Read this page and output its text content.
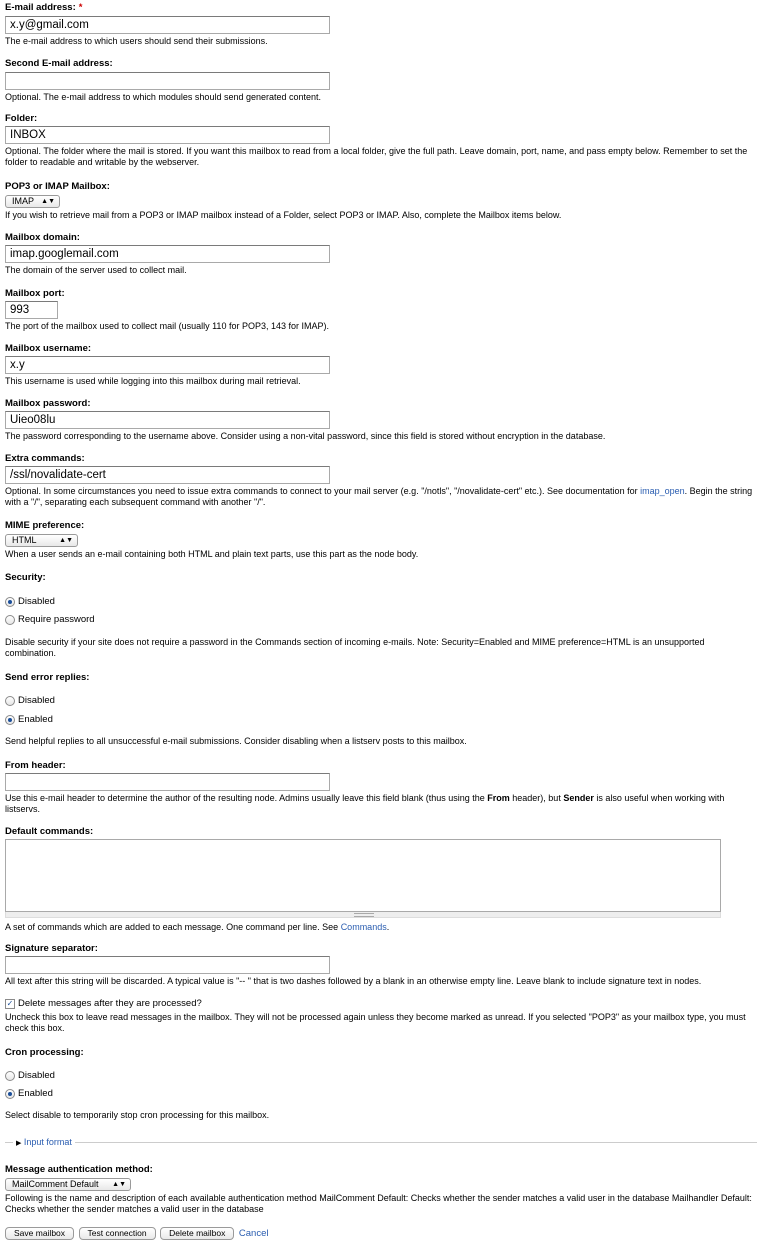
E-mail address: *
x.y@gmail.com
The e-mail address to which users should send their submissions.
Second E-mail address:
Optional. The e-mail address to which modules should send generated content.
Folder:
INBOX
Optional. The folder where the mail is stored. If you want this mailbox to read from a local folder, give the full path. Leave domain, port, name, and pass empty below. Remember to set the folder to readable and writable by the webserver.
POP3 or IMAP Mailbox:
IMAP ▲▼
If you wish to retrieve mail from a POP3 or IMAP mailbox instead of a Folder, select POP3 or IMAP. Also, complete the Mailbox items below.
Mailbox domain:
imap.googlemail.com
The domain of the server used to collect mail.
Mailbox port:
993
The port of the mailbox used to collect mail (usually 110 for POP3, 143 for IMAP).
Mailbox username:
x.y
This username is used while logging into this mailbox during mail retrieval.
Mailbox password:
Uieo08lu
The password corresponding to the username above. Consider using a non-vital password, since this field is stored without encryption in the database.
Extra commands:
/ssl/novalidate-cert
Optional. In some circumstances you need to issue extra commands to connect to your mail server (e.g. "/notls", "/novalidate-cert" etc.). See documentation for imap_open. Begin the string with a "/", separating each subsequent command with another "/".
MIME preference:
HTML	▲▼
When a user sends an e-mail containing both HTML and plain text parts, use this part as the node body.
Security:
Disabled
Require password
Disable security if your site does not require a password in the Commands section of incoming e-mails. Note: Security=Enabled and MIME preference=HTML is an unsupported combination.
Send error replies:
Disabled
Enabled
Send helpful replies to all unsuccessful e-mail submissions. Consider disabling when a listserv posts to this mailbox.
From header:
Use this e-mail header to determine the author of the resulting node. Admins usually leave this field blank (thus using the From header), but Sender is also useful when working with listservs.
Default commands:
A set of commands which are added to each message. One command per line. See Commands.
Signature separator:
All text after this string will be discarded. A typical value is "-- " that is two dashes followed by a blank in an otherwise empty line. Leave blank to include signature text in nodes.
✓ Delete messages after they are processed?
Uncheck this box to leave read messages in the mailbox. They will not be processed again unless they become marked as unread. If you selected "POP3" as your mailbox type, you must check this box.
Cron processing:
Disabled
Enabled
Select disable to temporarily stop cron processing for this mailbox.
▶ Input format
Message authentication method:
MailComment Default ▲▼
Following is the name and description of each available authentication method MailComment Default: Checks whether the sender matches a valid user in the database Mailhandler Default: Checks whether the sender matches a valid user in the database
Save mailbox	Test connection	Delete mailbox Cancel
